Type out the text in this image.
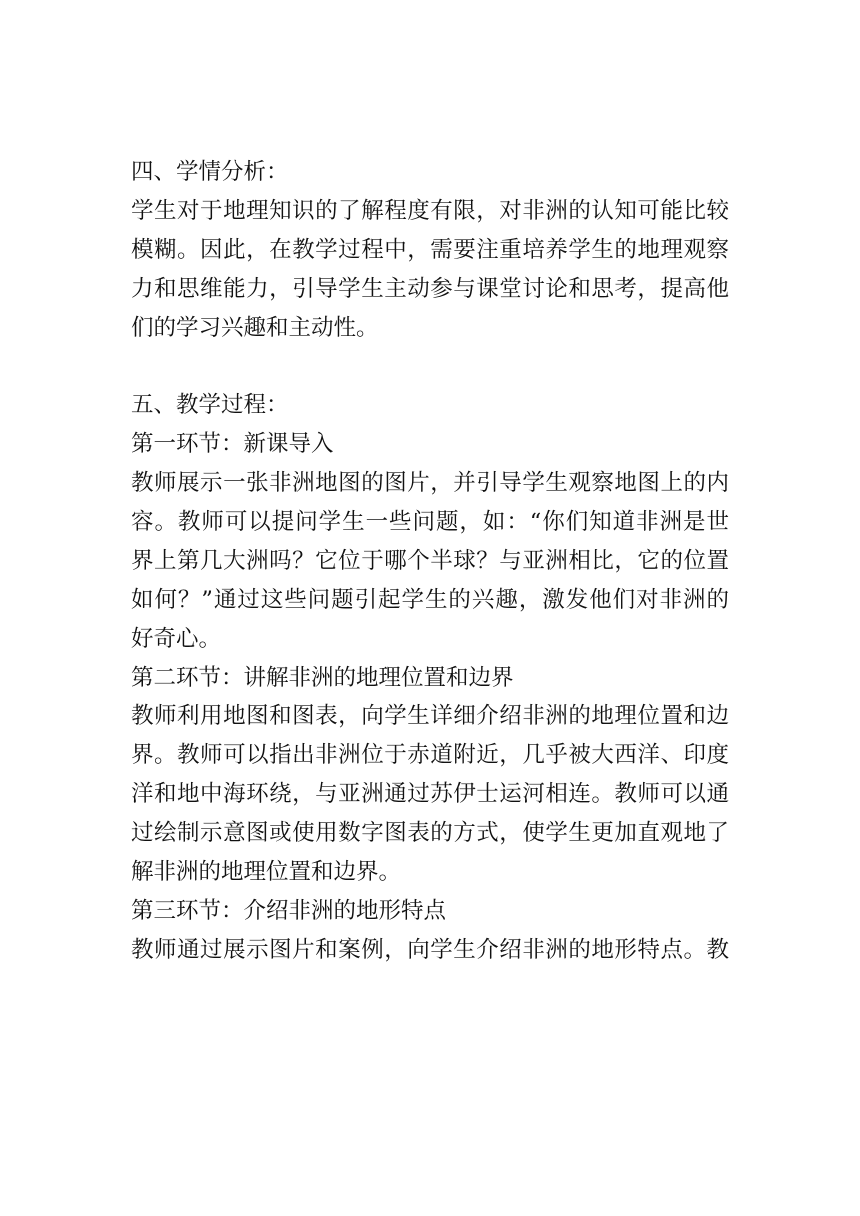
四、学情分析：
学生对于地理知识的了解程度有限，对非洲的认知可能比较
模糊。因此，在教学过程中，需要注重培养学生的地理观察
力和思维能力，引导学生主动参与课堂讨论和思考，提高他
们的学习兴趣和主动性。
五、教学过程：
第一环节：新课导入
教师展示一张非洲地图的图片，并引导学生观察地图上的内
容。教师可以提问学生一些问题，如：“你们知道非洲是世
界上第几大洲吗？它位于哪个半球？与亚洲相比，它的位置
如何？”通过这些问题引起学生的兴趣，激发他们对非洲的
好奇心。
第二环节：讲解非洲的地理位置和边界
教师利用地图和图表，向学生详细介绍非洲的地理位置和边
界。教师可以指出非洲位于赤道附近，几乎被大西洋、印度
洋和地中海环绕，与亚洲通过苏伊士运河相连。教师可以通
过绘制示意图或使用数字图表的方式，使学生更加直观地了
解非洲的地理位置和边界。
第三环节：介绍非洲的地形特点
教师通过展示图片和案例，向学生介绍非洲的地形特点。教
